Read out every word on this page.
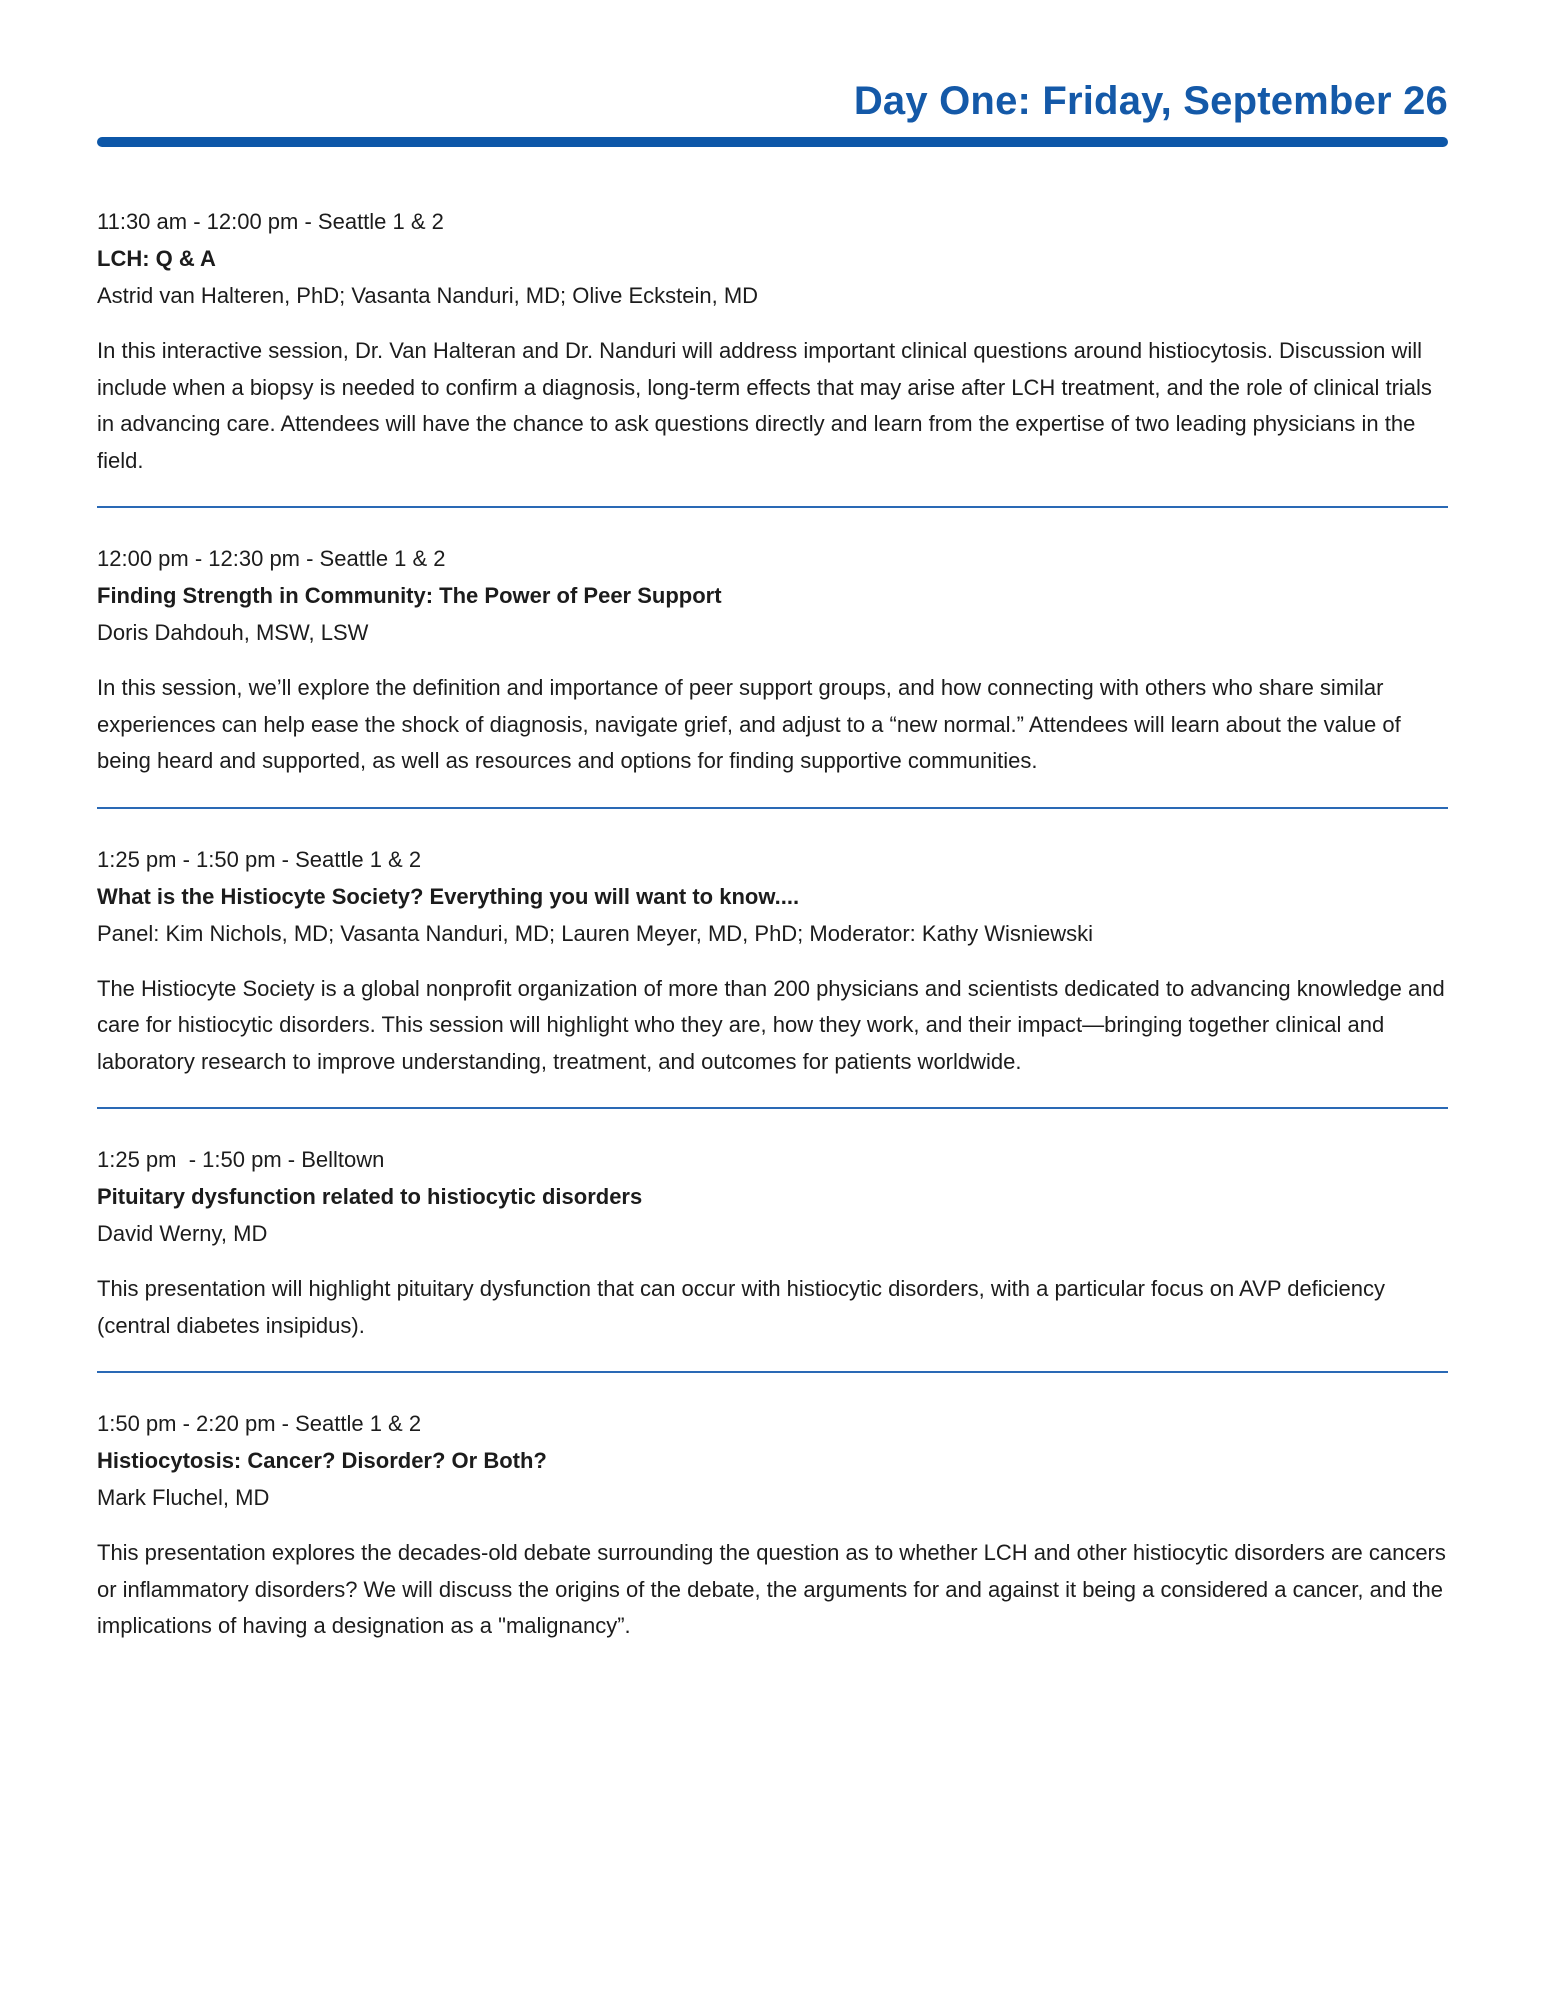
Day One: Friday, September 26

11:30 am - 12:00 pm - Seattle 1 & 2

LCH: Q & A

Astrid van Halteren, PhD; Vasanta Nanduri, MD; Olive Eckstein, MD

In this interactive session, Dr. Van Halteran and Dr. Nanduri will address important clinical questions around histiocytosis. Discussion will include when a biopsy is needed to confirm a diagnosis, long-term effects that may arise after LCH treatment, and the role of clinical trials in advancing care. Attendees will have the chance to ask questions directly and learn from the expertise of two leading physicians in the field.

12:00 pm - 12:30 pm - Seattle 1 & 2

Finding Strength in Community: The Power of Peer Support

Doris Dahdouh, MSW, LSW

In this session, we’ll explore the definition and importance of peer support groups, and how connecting with others who share similar experiences can help ease the shock of diagnosis, navigate grief, and adjust to a “new normal.” Attendees will learn about the value of being heard and supported, as well as resources and options for finding supportive communities.

1:25 pm - 1:50 pm - Seattle 1 & 2

What is the Histiocyte Society? Everything you will want to know....

Panel: Kim Nichols, MD; Vasanta Nanduri, MD; Lauren Meyer, MD, PhD; Moderator: Kathy Wisniewski

The Histiocyte Society is a global nonprofit organization of more than 200 physicians and scientists dedicated to advancing knowledge and care for histiocytic disorders. This session will highlight who they are, how they work, and their impact—bringing together clinical and laboratory research to improve understanding, treatment, and outcomes for patients worldwide.

1:25 pm  - 1:50 pm - Belltown

Pituitary dysfunction related to histiocytic disorders

David Werny, MD

This presentation will highlight pituitary dysfunction that can occur with histiocytic disorders, with a particular focus on AVP deficiency (central diabetes insipidus).

1:50 pm - 2:20 pm - Seattle 1 & 2

Histiocytosis: Cancer? Disorder? Or Both?

Mark Fluchel, MD

This presentation explores the decades-old debate surrounding the question as to whether LCH and other histiocytic disorders are cancers or inflammatory disorders? We will discuss the origins of the debate, the arguments for and against it being a considered a cancer, and the implications of having a designation as a "malignancy”.
